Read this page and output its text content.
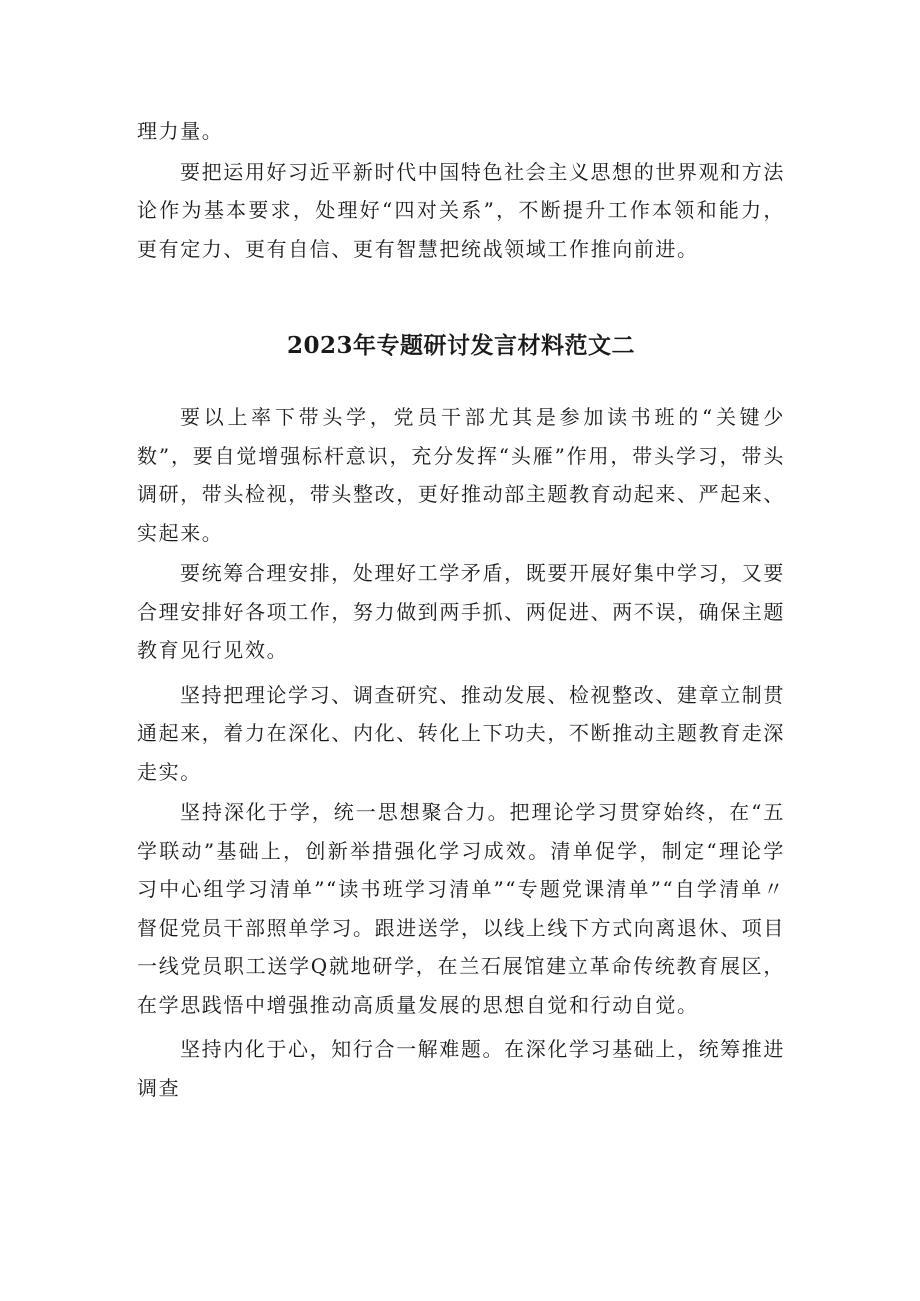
理力量。

要把运用好习近平新时代中国特色社会主义思想的世界观和方法论作为基本要求，处理好“四对关系”，不断提升工作本领和能力，更有定力、更有自信、更有智慧把统战领域工作推向前进。

2023年专题研讨发言材料范文二

要以上率下带头学，党员干部尤其是参加读书班的“关键少数”，要自觉增强标杆意识，充分发挥“头雁”作用，带头学习，带头调研，带头检视，带头整改，更好推动部主题教育动起来、严起来、实起来。

要统筹合理安排，处理好工学矛盾，既要开展好集中学习，又要合理安排好各项工作，努力做到两手抓、两促进、两不误，确保主题教育见行见效。

坚持把理论学习、调查研究、推动发展、检视整改、建章立制贯通起来，着力在深化、内化、转化上下功夫，不断推动主题教育走深走实。

坚持深化于学，统一思想聚合力。把理论学习贯穿始终，在“五学联动”基础上，创新举措强化学习成效。清单促学，制定“理论学习中心组学习清单”“读书班学习清单”“专题党课清单”“自学清单〃督促党员干部照单学习。跟进送学，以线上线下方式向离退休、项目一线党员职工送学Q就地研学，在兰石展馆建立革命传统教育展区，在学思践悟中增强推动高质量发展的思想自觉和行动自觉。

坚持内化于心，知行合一解难题。在深化学习基础上，统筹推进调查
